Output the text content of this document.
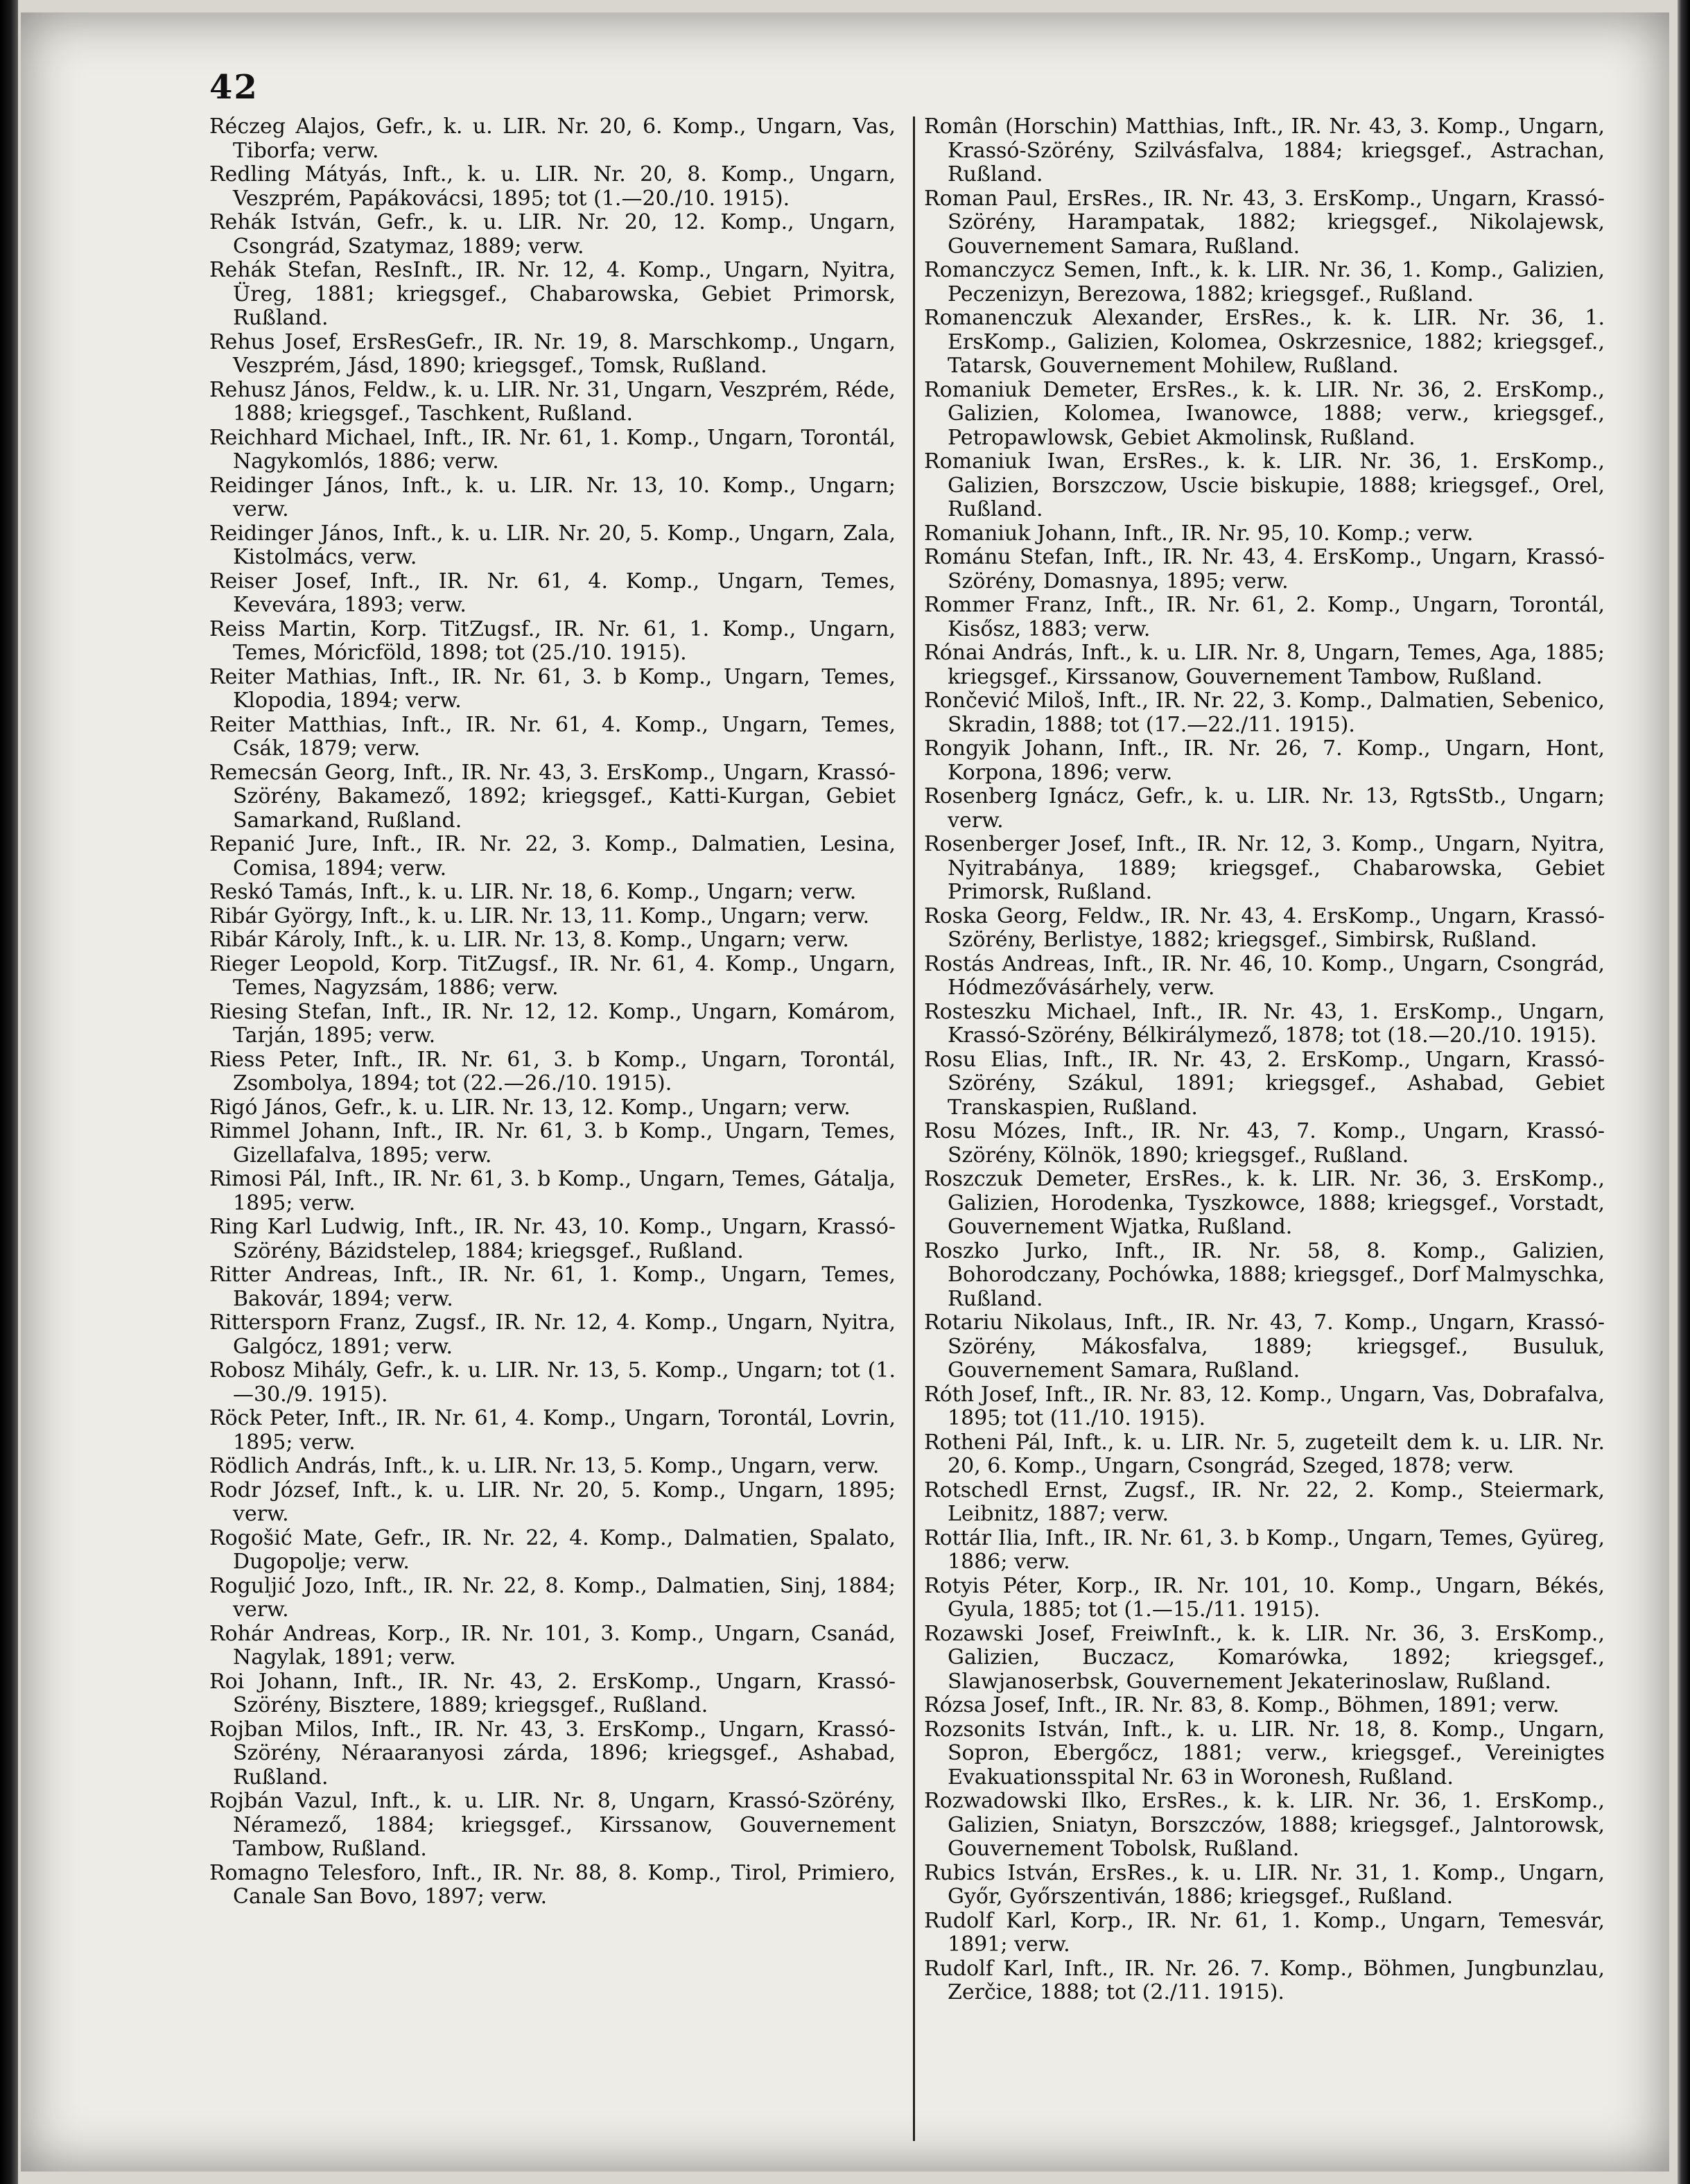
42

Réczeg Alajos, Gefr., k. u. LIR. Nr. 20, 6. Komp., Ungarn, Vas, Tiborfa; verw.

Redling Mátyás, Inft., k. u. LIR. Nr. 20, 8. Komp., Ungarn, Veszprém, Papákovácsi, 1895; tot (1.—20./10. 1915).

Rehák István, Gefr., k. u. LIR. Nr. 20, 12. Komp., Ungarn, Csongrád, Szatymaz, 1889; verw.

Rehák Stefan, ResInft., IR. Nr. 12, 4. Komp., Ungarn, Nyitra, Üreg, 1881; kriegsgef., Chabarowska, Gebiet Primorsk, Rußland.

Rehus Josef, ErsResGefr., IR. Nr. 19, 8. Marschkomp., Ungarn, Veszprém, Jásd, 1890; kriegsgef., Tomsk, Rußland.

Rehusz János, Feldw., k. u. LIR. Nr. 31, Ungarn, Veszprém, Réde, 1888; kriegsgef., Taschkent, Rußland.

Reichhard Michael, Inft., IR. Nr. 61, 1. Komp., Ungarn, Torontál, Nagykomlós, 1886; verw.

Reidinger János, Inft., k. u. LIR. Nr. 13, 10. Komp., Ungarn; verw.

Reidinger János, Inft., k. u. LIR. Nr. 20, 5. Komp., Ungarn, Zala, Kistolmács, verw.

Reiser Josef, Inft., IR. Nr. 61, 4. Komp., Ungarn, Temes, Kevevára, 1893; verw.

Reiss Martin, Korp. TitZugsf., IR. Nr. 61, 1. Komp., Ungarn, Temes, Móricföld, 1898; tot (25./10. 1915).

Reiter Mathias, Inft., IR. Nr. 61, 3. b Komp., Ungarn, Temes, Klopodia, 1894; verw.

Reiter Matthias, Inft., IR. Nr. 61, 4. Komp., Ungarn, Temes, Csák, 1879; verw.

Remecsán Georg, Inft., IR. Nr. 43, 3. ErsKomp., Ungarn, Krassó-Szörény, Bakamező, 1892; kriegsgef., Katti-Kurgan, Gebiet Samarkand, Rußland.

Repanić Jure, Inft., IR. Nr. 22, 3. Komp., Dalmatien, Lesina, Comisa, 1894; verw.

Reskó Tamás, Inft., k. u. LIR. Nr. 18, 6. Komp., Ungarn; verw.

Ribár György, Inft., k. u. LIR. Nr. 13, 11. Komp., Ungarn; verw.

Ribár Károly, Inft., k. u. LIR. Nr. 13, 8. Komp., Ungarn; verw.

Rieger Leopold, Korp. TitZugsf., IR. Nr. 61, 4. Komp., Ungarn, Temes, Nagyzsám, 1886; verw.

Riesing Stefan, Inft., IR. Nr. 12, 12. Komp., Ungarn, Komárom, Tarján, 1895; verw.

Riess Peter, Inft., IR. Nr. 61, 3. b Komp., Ungarn, Torontál, Zsombolya, 1894; tot (22.—26./10. 1915).

Rigó János, Gefr., k. u. LIR. Nr. 13, 12. Komp., Ungarn; verw.

Rimmel Johann, Inft., IR. Nr. 61, 3. b Komp., Ungarn, Temes, Gizellafalva, 1895; verw.

Rimosi Pál, Inft., IR. Nr. 61, 3. b Komp., Ungarn, Temes, Gátalja, 1895; verw.

Ring Karl Ludwig, Inft., IR. Nr. 43, 10. Komp., Ungarn, Krassó-Szörény, Bázidstelep, 1884; kriegsgef., Rußland.

Ritter Andreas, Inft., IR. Nr. 61, 1. Komp., Ungarn, Temes, Bakovár, 1894; verw.

Rittersporn Franz, Zugsf., IR. Nr. 12, 4. Komp., Ungarn, Nyitra, Galgócz, 1891; verw.

Robosz Mihály, Gefr., k. u. LIR. Nr. 13, 5. Komp., Ungarn; tot (1.—30./9. 1915).

Röck Peter, Inft., IR. Nr. 61, 4. Komp., Ungarn, Torontál, Lovrin, 1895; verw.

Rödlich András, Inft., k. u. LIR. Nr. 13, 5. Komp., Ungarn, verw.

Rodr József, Inft., k. u. LIR. Nr. 20, 5. Komp., Ungarn, 1895; verw.

Rogošić Mate, Gefr., IR. Nr. 22, 4. Komp., Dalmatien, Spalato, Dugopolje; verw.

Roguljić Jozo, Inft., IR. Nr. 22, 8. Komp., Dalmatien, Sinj, 1884; verw.

Rohár Andreas, Korp., IR. Nr. 101, 3. Komp., Ungarn, Csanád, Nagylak, 1891; verw.

Roi Johann, Inft., IR. Nr. 43, 2. ErsKomp., Ungarn, Krassó-Szörény, Bisztere, 1889; kriegsgef., Rußland.

Rojban Milos, Inft., IR. Nr. 43, 3. ErsKomp., Ungarn, Krassó-Szörény, Néraaranyosi zárda, 1896; kriegsgef., Ashabad, Rußland.

Rojbán Vazul, Inft., k. u. LIR. Nr. 8, Ungarn, Krassó-Szörény, Néramező, 1884; kriegsgef., Kirssanow, Gouvernement Tambow, Rußland.

Romagno Telesforo, Inft., IR. Nr. 88, 8. Komp., Tirol, Primiero, Canale San Bovo, 1897; verw.

Român (Horschin) Matthias, Inft., IR. Nr. 43, 3. Komp., Ungarn, Krassó-Szörény, Szilvásfalva, 1884; kriegsgef., Astrachan, Rußland.

Roman Paul, ErsRes., IR. Nr. 43, 3. ErsKomp., Ungarn, Krassó-Szörény, Harampatak, 1882; kriegsgef., Nikolajewsk, Gouvernement Samara, Rußland.

Romanczycz Semen, Inft., k. k. LIR. Nr. 36, 1. Komp., Galizien, Peczenizyn, Berezowa, 1882; kriegsgef., Rußland.

Romanenczuk Alexander, ErsRes., k. k. LIR. Nr. 36, 1. ErsKomp., Galizien, Kolomea, Oskrzesnice, 1882; kriegsgef., Tatarsk, Gouvernement Mohilew, Rußland.

Romaniuk Demeter, ErsRes., k. k. LIR. Nr. 36, 2. ErsKomp., Galizien, Kolomea, Iwanowce, 1888; verw., kriegsgef., Petropawlowsk, Gebiet Akmolinsk, Rußland.

Romaniuk Iwan, ErsRes., k. k. LIR. Nr. 36, 1. ErsKomp., Galizien, Borszczow, Uscie biskupie, 1888; kriegsgef., Orel, Rußland.

Romaniuk Johann, Inft., IR. Nr. 95, 10. Komp.; verw.

Románu Stefan, Inft., IR. Nr. 43, 4. ErsKomp., Ungarn, Krassó-Szörény, Domasnya, 1895; verw.

Rommer Franz, Inft., IR. Nr. 61, 2. Komp., Ungarn, Torontál, Kisősz, 1883; verw.

Rónai András, Inft., k. u. LIR. Nr. 8, Ungarn, Temes, Aga, 1885; kriegsgef., Kirssanow, Gouvernement Tambow, Rußland.

Rončević Miloš, Inft., IR. Nr. 22, 3. Komp., Dalmatien, Sebenico, Skradin, 1888; tot (17.—22./11. 1915).

Rongyik Johann, Inft., IR. Nr. 26, 7. Komp., Ungarn, Hont, Korpona, 1896; verw.

Rosenberg Ignácz, Gefr., k. u. LIR. Nr. 13, RgtsStb., Ungarn; verw.

Rosenberger Josef, Inft., IR. Nr. 12, 3. Komp., Ungarn, Nyitra, Nyitrabánya, 1889; kriegsgef., Chabarowska, Gebiet Primorsk, Rußland.

Roska Georg, Feldw., IR. Nr. 43, 4. ErsKomp., Ungarn, Krassó-Szörény, Berlistye, 1882; kriegsgef., Simbirsk, Rußland.

Rostás Andreas, Inft., IR. Nr. 46, 10. Komp., Ungarn, Csongrád, Hódmezővásárhely, verw.

Rosteszku Michael, Inft., IR. Nr. 43, 1. ErsKomp., Ungarn, Krassó-Szörény, Bélkirálymező, 1878; tot (18.—20./10. 1915).

Rosu Elias, Inft., IR. Nr. 43, 2. ErsKomp., Ungarn, Krassó-Szörény, Szákul, 1891; kriegsgef., Ashabad, Gebiet Transkaspien, Rußland.

Rosu Mózes, Inft., IR. Nr. 43, 7. Komp., Ungarn, Krassó-Szörény, Kölnök, 1890; kriegsgef., Rußland.

Roszczuk Demeter, ErsRes., k. k. LIR. Nr. 36, 3. ErsKomp., Galizien, Horodenka, Tyszkowce, 1888; kriegsgef., Vorstadt, Gouvernement Wjatka, Rußland.

Roszko Jurko, Inft., IR. Nr. 58, 8. Komp., Galizien, Bohorodczany, Pochówka, 1888; kriegsgef., Dorf Malmyschka, Rußland.

Rotariu Nikolaus, Inft., IR. Nr. 43, 7. Komp., Ungarn, Krassó-Szörény, Mákosfalva, 1889; kriegsgef., Busuluk, Gouvernement Samara, Rußland.

Róth Josef, Inft., IR. Nr. 83, 12. Komp., Ungarn, Vas, Dobrafalva, 1895; tot (11./10. 1915).

Rotheni Pál, Inft., k. u. LIR. Nr. 5, zugeteilt dem k. u. LIR. Nr. 20, 6. Komp., Ungarn, Csongrád, Szeged, 1878; verw.

Rotschedl Ernst, Zugsf., IR. Nr. 22, 2. Komp., Steiermark, Leibnitz, 1887; verw.

Rottár Ilia, Inft., IR. Nr. 61, 3. b Komp., Ungarn, Temes, Gyüreg, 1886; verw.

Rotyis Péter, Korp., IR. Nr. 101, 10. Komp., Ungarn, Békés, Gyula, 1885; tot (1.—15./11. 1915).

Rozawski Josef, FreiwInft., k. k. LIR. Nr. 36, 3. ErsKomp., Galizien, Buczacz, Komarówka, 1892; kriegsgef., Slawjanoserbsk, Gouvernement Jekaterinoslaw, Rußland.

Rózsa Josef, Inft., IR. Nr. 83, 8. Komp., Böhmen, 1891; verw.

Rozsonits István, Inft., k. u. LIR. Nr. 18, 8. Komp., Ungarn, Sopron, Ebergőcz, 1881; verw., kriegsgef., Vereinigtes Evakuationsspital Nr. 63 in Woronesh, Rußland.

Rozwadowski Ilko, ErsRes., k. k. LIR. Nr. 36, 1. ErsKomp., Galizien, Sniatyn, Borszczów, 1888; kriegsgef., Jalntorowsk, Gouvernement Tobolsk, Rußland.

Rubics István, ErsRes., k. u. LIR. Nr. 31, 1. Komp., Ungarn, Győr, Győrszentiván, 1886; kriegsgef., Rußland.

Rudolf Karl, Korp., IR. Nr. 61, 1. Komp., Ungarn, Temesvár, 1891; verw.

Rudolf Karl, Inft., IR. Nr. 26. 7. Komp., Böhmen, Jungbunzlau, Zerčice, 1888; tot (2./11. 1915).
